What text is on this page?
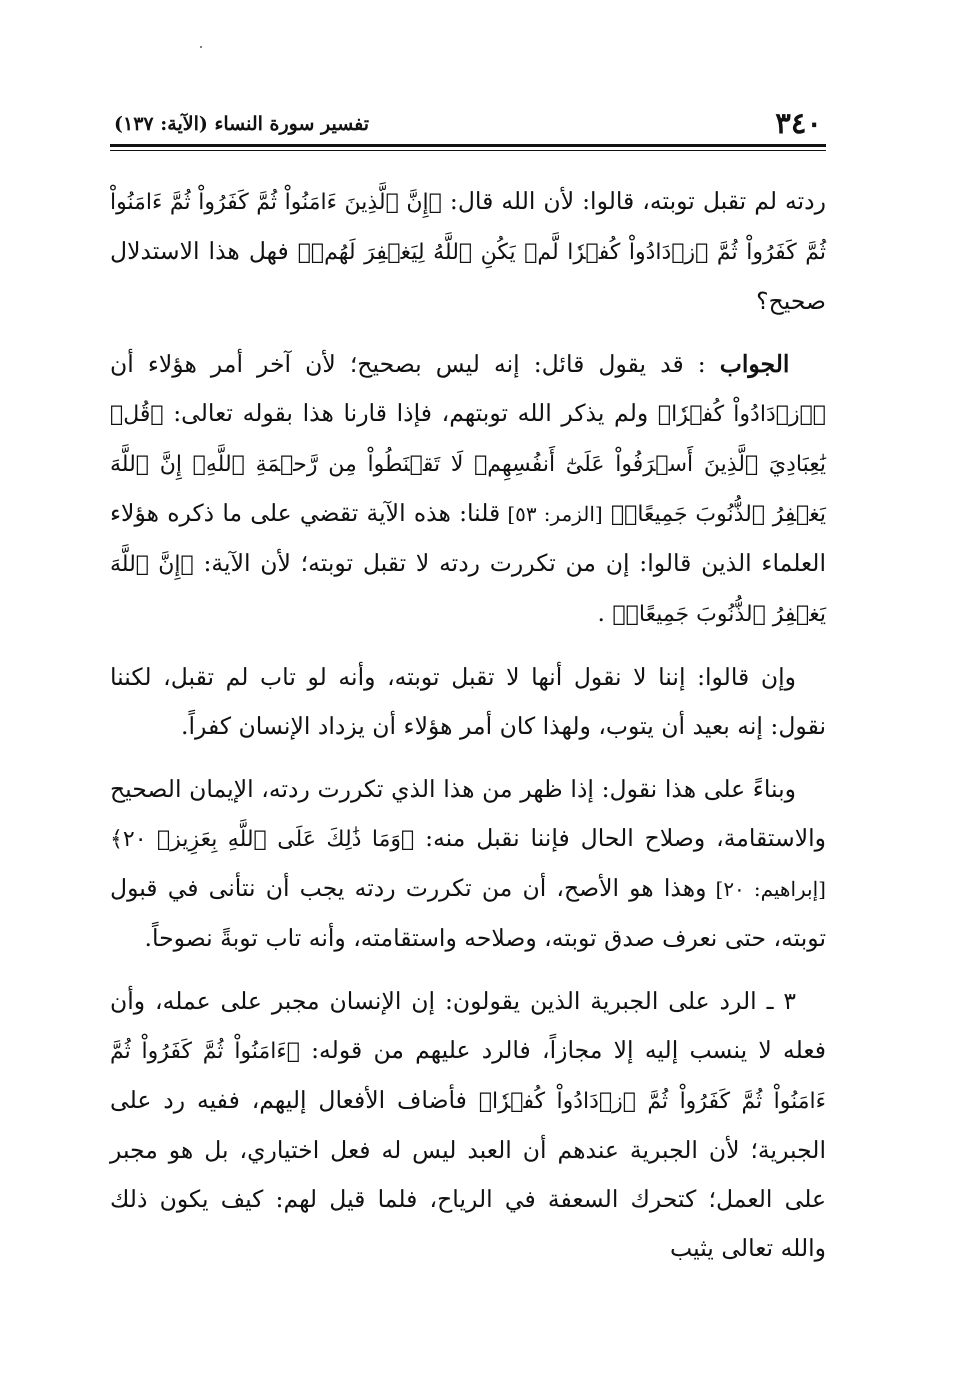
٣٤٠
تفسير سورة النساء (الآية: ١٣٧)

ردته لم تقبل توبته، قالوا: لأن الله قال: ﴿إِنَّ ٱلَّذِينَ ءَامَنُواْ ثُمَّ كَفَرُواْ ثُمَّ ءَامَنُواْ ثُمَّ كَفَرُواْ ثُمَّ ٱزۡدَادُواْ كُفۡرٗا لَّمۡ يَكُنِ ٱللَّهُ لِيَغۡفِرَ لَهُمۡ﴾ فهل هذا الاستدلال صحيح؟

الجواب : قد يقول قائل: إنه ليس بصحيح؛ لأن آخر أمر هؤلاء أن ﴿ٱزۡدَادُواْ كُفۡرٗا﴾ ولم يذكر الله توبتهم، فإذا قارنا هذا بقوله تعالى: ﴿قُلۡ يَٰعِبَادِيَ ٱلَّذِينَ أَسۡرَفُواْ عَلَىٰٓ أَنفُسِهِمۡ لَا تَقۡنَطُواْ مِن رَّحۡمَةِ ٱللَّهِۚ إِنَّ ٱللَّهَ يَغۡفِرُ ٱلذُّنُوبَ جَمِيعًاۚ﴾ [الزمر: ٥٣] قلنا: هذه الآية تقضي على ما ذكره هؤلاء العلماء الذين قالوا: إن من تكررت ردته لا تقبل توبته؛ لأن الآية: ﴿إِنَّ ٱللَّهَ يَغۡفِرُ ٱلذُّنُوبَ جَمِيعًاۚ﴾ .

وإن قالوا: إننا لا نقول أنها لا تقبل توبته، وأنه لو تاب لم تقبل، لكننا نقول: إنه بعيد أن يتوب، ولهذا كان أمر هؤلاء أن يزداد الإنسان كفراً.

وبناءً على هذا نقول: إذا ظهر من هذا الذي تكررت ردته، الإيمان الصحيح والاستقامة، وصلاح الحال فإننا نقبل منه: ﴿وَمَا ذَٰلِكَ عَلَى ٱللَّهِ بِعَزِيزٖ ٢٠﴾ [إبراهيم: ٢٠] وهذا هو الأصح، أن من تكررت ردته يجب أن نتأنى في قبول توبته، حتى نعرف صدق توبته، وصلاحه واستقامته، وأنه تاب توبةً نصوحاً.

٣ ـ الرد على الجبرية الذين يقولون: إن الإنسان مجبر على عمله، وأن فعله لا ينسب إليه إلا مجازاً، فالرد عليهم من قوله: ﴿ءَامَنُواْ ثُمَّ كَفَرُواْ ثُمَّ ءَامَنُواْ ثُمَّ كَفَرُواْ ثُمَّ ٱزۡدَادُواْ كُفۡرٗا﴾ فأضاف الأفعال إليهم، ففيه رد على الجبرية؛ لأن الجبرية عندهم أن العبد ليس له فعل اختياري، بل هو مجبر على العمل؛ كتحرك السعفة في الرياح، فلما قيل لهم: كيف يكون ذلك والله تعالى يثيب
